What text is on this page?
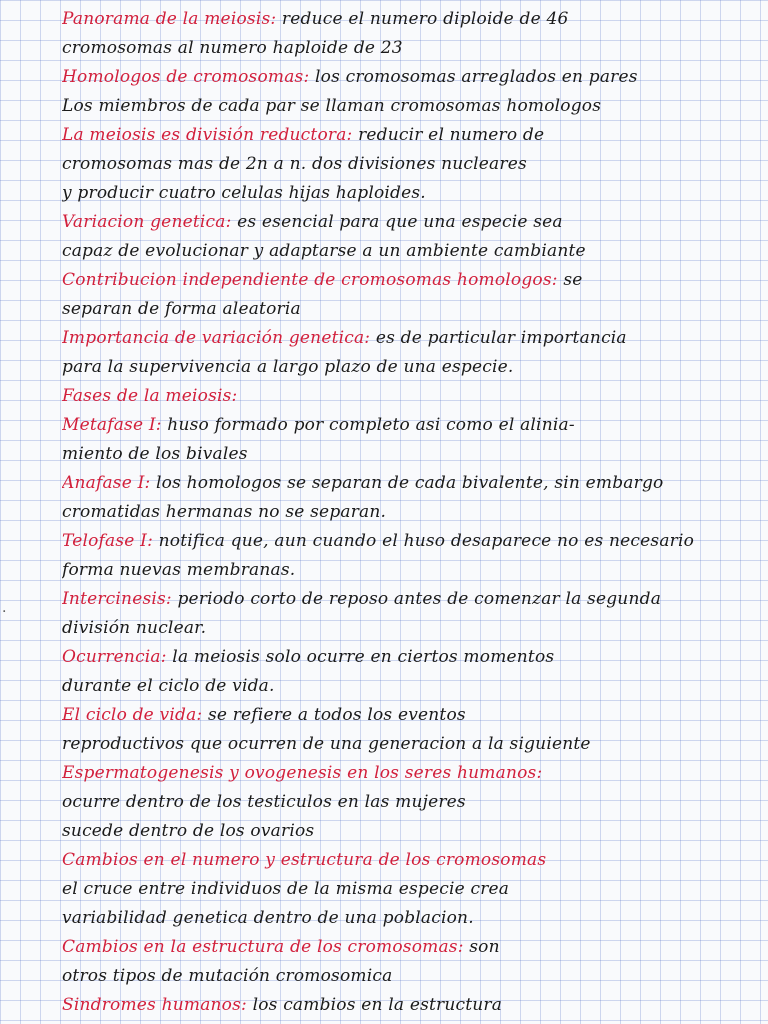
·
Panorama de la meiosis: reduce el numero diploide de 46
cromosomas al numero haploide de 23
Homologos de cromosomas: los cromosomas arreglados en pares
Los miembros de cada par se llaman cromosomas homologos
La meiosis es división reductora: reducir el numero de
cromosomas mas de 2n a n. dos divisiones nucleares
y producir cuatro celulas hijas haploides.
Variacion genetica: es esencial para que una especie sea
capaz de evolucionar y adaptarse a un ambiente cambiante
Contribucion independiente de cromosomas homologos: se
separan de forma aleatoria
Importancia de variación genetica: es de particular importancia
para la supervivencia a largo plazo de una especie.
Fases de la meiosis:
Metafase I: huso formado por completo asi como el alinia-
miento de los bivales
Anafase I: los homologos se separan de cada bivalente, sin embargo
cromatidas hermanas no se separan.
Telofase I: notifica que, aun cuando el huso desaparece no es necesario
forma nuevas membranas.
Intercinesis: periodo corto de reposo antes de comenzar la segunda
división nuclear.
Ocurrencia: la meiosis solo ocurre en ciertos momentos
durante el ciclo de vida.
El ciclo de vida: se refiere a todos los eventos
reproductivos que ocurren de una generacion a la siguiente
Espermatogenesis y ovogenesis en los seres humanos:
ocurre dentro de los testiculos en las mujeres
sucede dentro de los ovarios
Cambios en el numero y estructura de los cromosomas
el cruce entre individuos de la misma especie crea
variabilidad genetica dentro de una poblacion.
Cambios en la estructura de los cromosomas: son
otros tipos de mutación cromosomica
Sindromes humanos: los cambios en la estructura
